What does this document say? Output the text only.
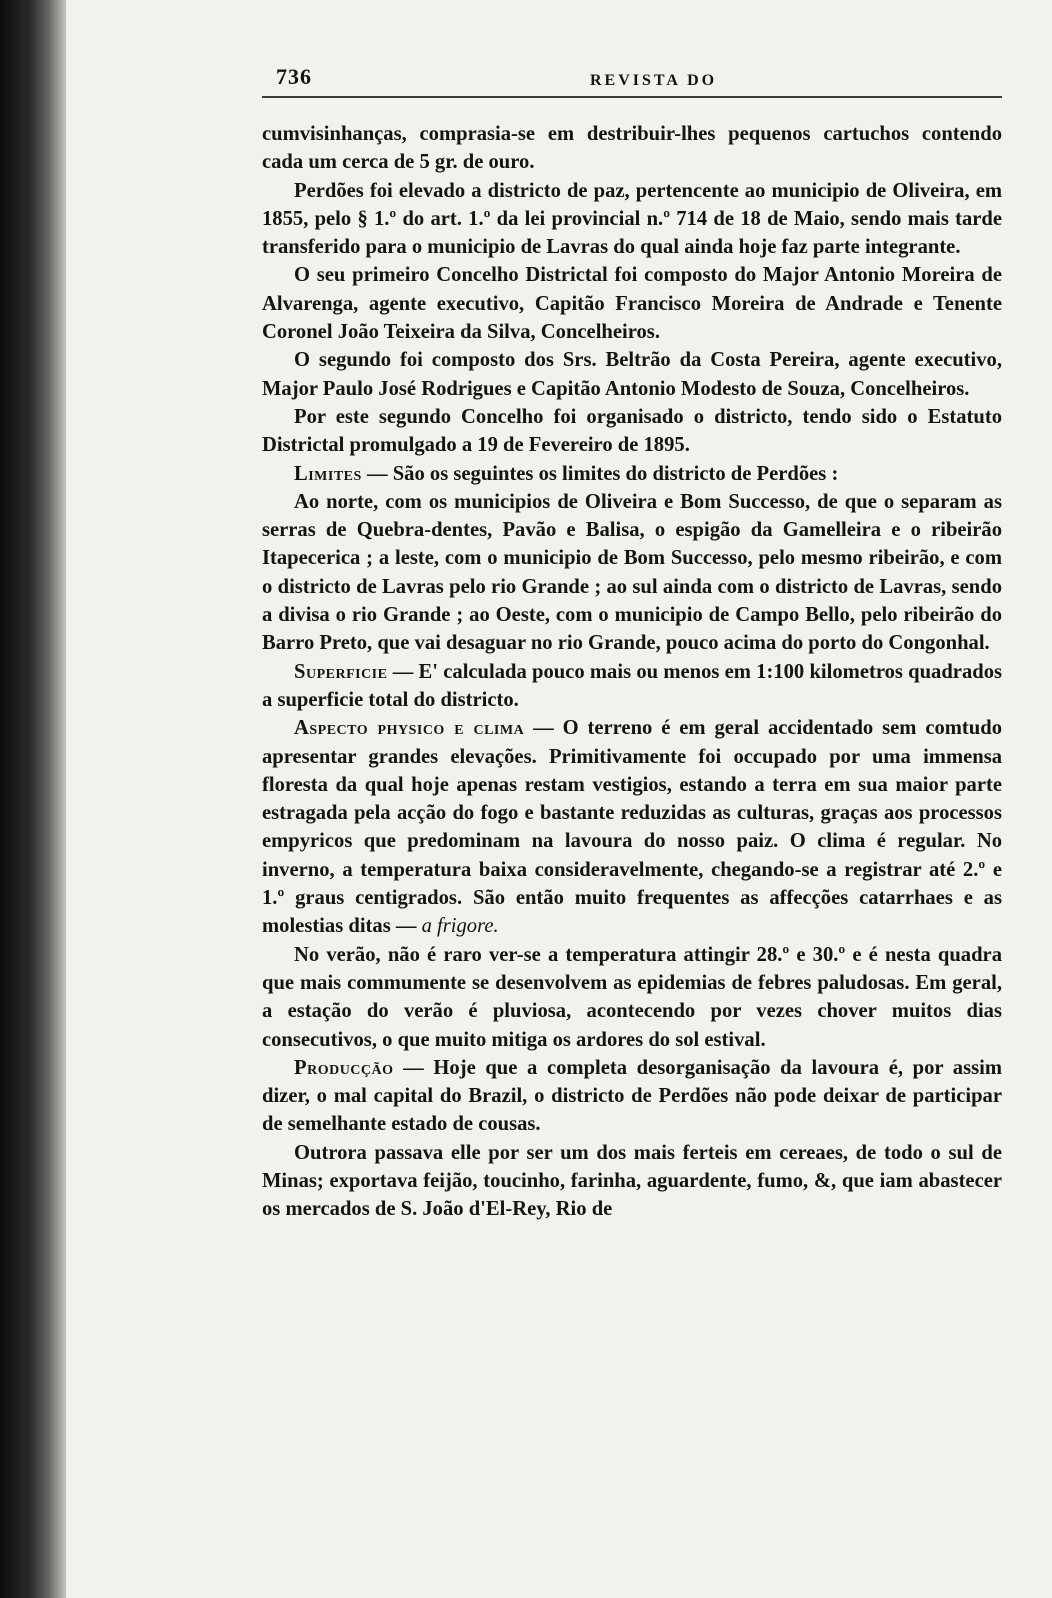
736	REVISTA DO

cumvisinhanças, comprasia-se em destribuir-lhes pequenos cartuchos contendo cada um cerca de 5 gr. de ouro.

Perdões foi elevado a districto de paz, pertencente ao municipio de Oliveira, em 1855, pelo § 1.º do art. 1.º da lei provincial n.º 714 de 18 de Maio, sendo mais tarde transferido para o municipio de Lavras do qual ainda hoje faz parte integrante.

O seu primeiro Concelho Districtal foi composto do Major Antonio Moreira de Alvarenga, agente executivo, Capitão Francisco Moreira de Andrade e Tenente Coronel João Teixeira da Silva, Concelheiros.

O segundo foi composto dos Srs. Beltrão da Costa Pereira, agente executivo, Major Paulo José Rodrigues e Capitão Antonio Modesto de Souza, Concelheiros.

Por este segundo Concelho foi organisado o districto, tendo sido o Estatuto Districtal promulgado a 19 de Fevereiro de 1895.

Limites — São os seguintes os limites do districto de Perdões :

Ao norte, com os municipios de Oliveira e Bom Successo, de que o separam as serras de Quebra-dentes, Pavão e Balisa, o espigão da Gamelleira e o ribeirão Itapecerica ; a leste, com o municipio de Bom Successo, pelo mesmo ribeirão, e com o districto de Lavras pelo rio Grande ; ao sul ainda com o districto de Lavras, sendo a divisa o rio Grande ; ao Oeste, com o municipio de Campo Bello, pelo ribeirão do Barro Preto, que vai desaguar no rio Grande, pouco acima do porto do Congonhal.

Superficie — E' calculada pouco mais ou menos em 1:100 kilometros quadrados a superficie total do districto.

Aspecto physico e clima — O terreno é em geral accidentado sem comtudo apresentar grandes elevações. Primitivamente foi occupado por uma immensa floresta da qual hoje apenas restam vestigios, estando a terra em sua maior parte estragada pela acção do fogo e bastante reduzidas as culturas, graças aos processos empyricos que predominam na lavoura do nosso paiz. O clima é regular. No inverno, a temperatura baixa consideravelmente, chegando-se a registrar até 2.º e 1.º graus centigrados. São então muito frequentes as affecções catarrhaes e as molestias ditas — a frigore.

No verão, não é raro ver-se a temperatura attingir 28.º e 30.º e é nesta quadra que mais commumente se desenvolvem as epidemias de febres paludosas. Em geral, a estação do verão é pluviosa, acontecendo por vezes chover muitos dias consecutivos, o que muito mitiga os ardores do sol estival.

Producção — Hoje que a completa desorganisação da lavoura é, por assim dizer, o mal capital do Brazil, o districto de Perdões não pode deixar de participar de semelhante estado de cousas.

Outrora passava elle por ser um dos mais ferteis em cereaes, de todo o sul de Minas; exportava feijão, toucinho, farinha, aguardente, fumo, &, que iam abastecer os mercados de S. João d'El-Rey, Rio de
